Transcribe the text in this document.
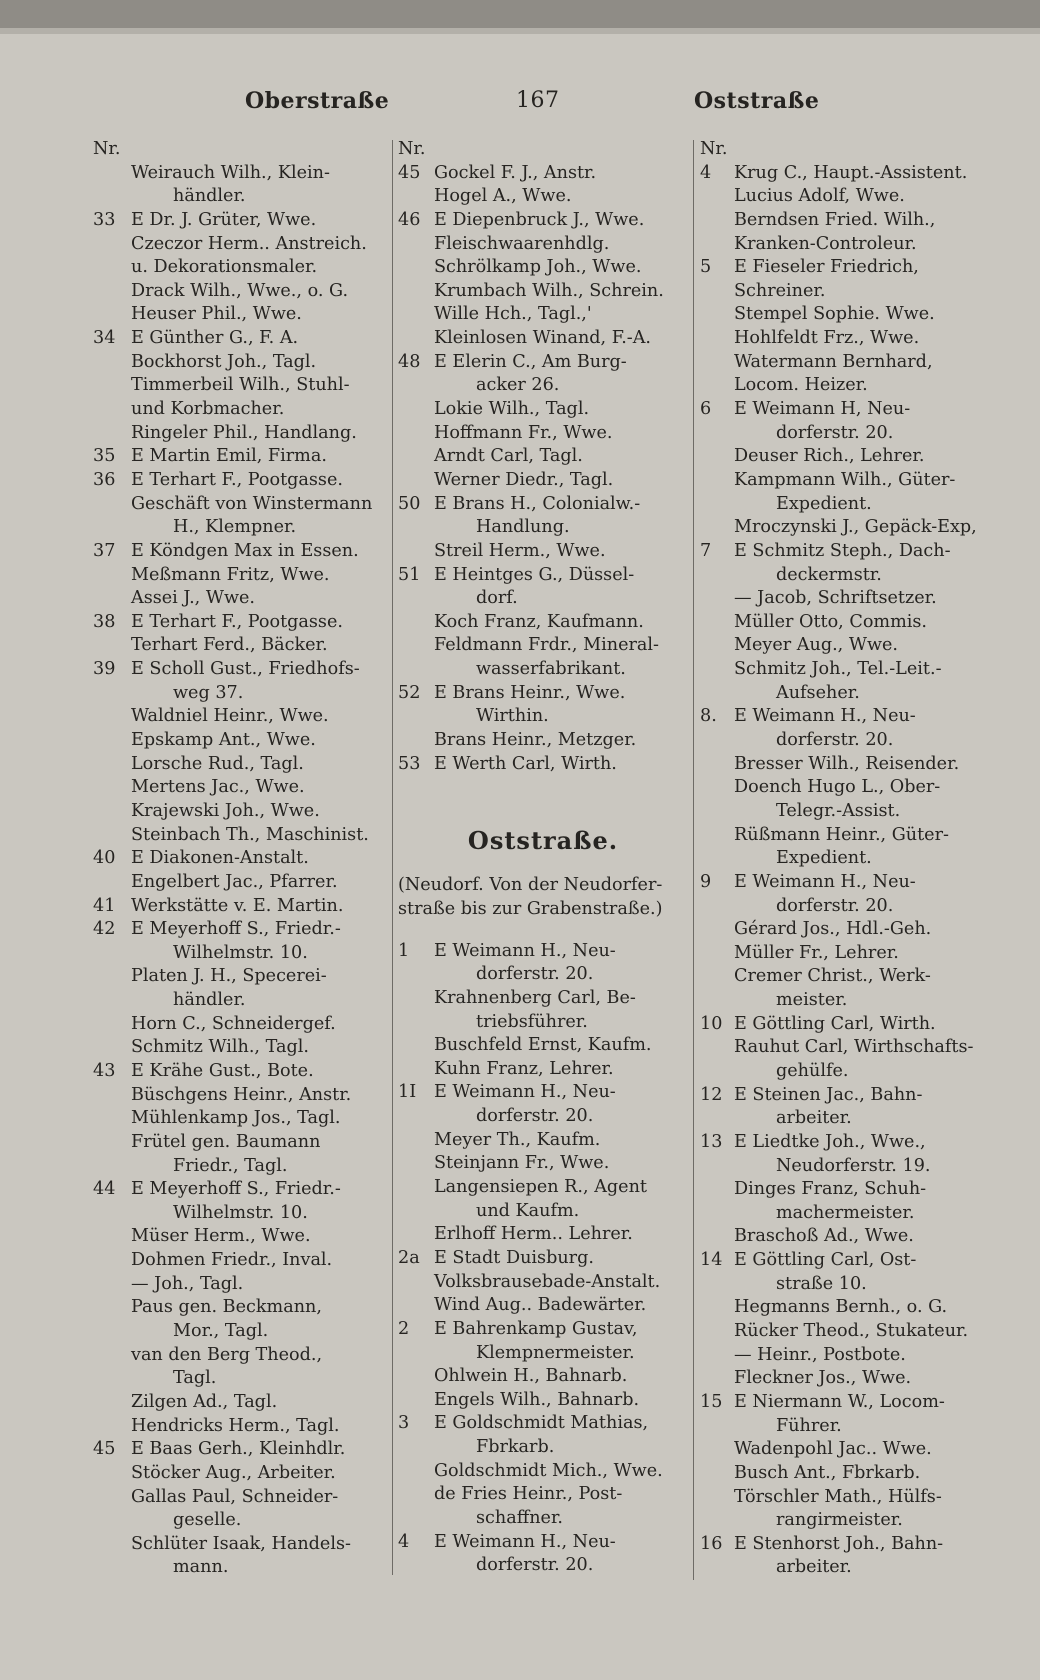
Oberstraße	167	Oststraße
Nr.
Weirauch Wilh., Klein-
händler.
33 E Dr. J. Grüter, Wwe.
Czeczor Herm.. Anstreich.
u. Dekorationsmaler.
Drack Wilh., Wwe., o. G.
Heuser Phil., Wwe.
34 E Günther G., F. A.
Bockhorst Joh., Tagl.
Timmerbeil Wilh., Stuhl-
und Korbmacher.
Ringeler Phil., Handlang.
35 E Martin Emil, Firma.
36 E Terhart F., Pootgasse.
Geschäft von Winstermann
H., Klempner.
37 E Köndgen Max in Essen.
Meßmann Fritz, Wwe.
Assei J., Wwe.
38 E Terhart F., Pootgasse.
Terhart Ferd., Bäcker.
39 E Scholl Gust., Friedhofs-
weg 37.
Waldniel Heinr., Wwe.
Epskamp Ant., Wwe.
Lorsche Rud., Tagl.
Mertens Jac., Wwe.
Krajewski Joh., Wwe.
Steinbach Th., Maschinist.
40 E Diakonen-Anstalt.
Engelbert Jac., Pfarrer.
41 Werkstätte v. E. Martin.
42 E Meyerhoff S., Friedr.-
Wilhelmstr. 10.
Platen J. H., Specerei-
händler.
Horn C., Schneidergef.
Schmitz Wilh., Tagl.
43 E Krähe Gust., Bote.
Büschgens Heinr., Anstr.
Mühlenkamp Jos., Tagl.
Frütel gen. Baumann
Friedr., Tagl.
44 E Meyerhoff S., Friedr.-
Wilhelmstr. 10.
Müser Herm., Wwe.
Dohmen Friedr., Inval.
— Joh., Tagl.
Paus gen. Beckmann,
Mor., Tagl.
van den Berg Theod.,
Tagl.
Zilgen Ad., Tagl.
Hendricks Herm., Tagl.
45 E Baas Gerh., Kleinhdlr.
Stöcker Aug., Arbeiter.
Gallas Paul, Schneider-
geselle.
Schlüter Isaak, Handels-
mann.
Nr.
45 Gockel F. J., Anstr.
Hogel A., Wwe.
46 E Diepenbruck J., Wwe.
Fleischwaarenhdlg.
Schrölkamp Joh., Wwe.
Krumbach Wilh., Schrein.
Wille Hch., Tagl.,'
Kleinlosen Winand, F.-A.
48 E Elerin C., Am Burg-
acker 26.
Lokie Wilh., Tagl.
Hoffmann Fr., Wwe.
Arndt Carl, Tagl.
Werner Diedr., Tagl.
50 E Brans H., Colonialw.-
Handlung.
Streil Herm., Wwe.
51 E Heintges G., Düssel-
dorf.
Koch Franz, Kaufmann.
Feldmann Frdr., Mineral-
wasserfabrikant.
52 E Brans Heinr., Wwe.
Wirthin.
Brans Heinr., Metzger.
53 E Werth Carl, Wirth.
Oststraße.
(Neudorf. Von der Neudorfer-
straße bis zur Grabenstraße.)
1 E Weimann H., Neu-
dorferstr. 20.
Krahnenberg Carl, Be-
triebsführer.
Buschfeld Ernst, Kaufm.
Kuhn Franz, Lehrer.
1I E Weimann H., Neu-
dorferstr. 20.
Meyer Th., Kaufm.
Steinjann Fr., Wwe.
Langensiepen R., Agent
und Kaufm.
Erlhoff Herm.. Lehrer.
2a E Stadt Duisburg.
Volksbrausebade-Anstalt.
Wind Aug.. Badewärter.
2 E Bahrenkamp Gustav,
Klempnermeister.
Ohlwein H., Bahnarb.
Engels Wilh., Bahnarb.
3 E Goldschmidt Mathias,
Fbrkarb.
Goldschmidt Mich., Wwe.
de Fries Heinr., Post-
schaffner.
4 E Weimann H., Neu-
dorferstr. 20.
Nr.
4 Krug C., Haupt.-Assistent.
Lucius Adolf, Wwe.
Berndsen Fried. Wilh.,
Kranken-Controleur.
5 E Fieseler Friedrich,
Schreiner.
Stempel Sophie. Wwe.
Hohlfeldt Frz., Wwe.
Watermann Bernhard,
Locom. Heizer.
6 E Weimann H, Neu-
dorferstr. 20.
Deuser Rich., Lehrer.
Kampmann Wilh., Güter-
Expedient.
Mroczynski J., Gepäck-Exp,
7 E Schmitz Steph., Dach-
deckermstr.
— Jacob, Schriftsetzer.
Müller Otto, Commis.
Meyer Aug., Wwe.
Schmitz Joh., Tel.-Leit.-
Aufseher.
8. E Weimann H., Neu-
dorferstr. 20.
Bresser Wilh., Reisender.
Doench Hugo L., Ober-
Telegr.-Assist.
Rüßmann Heinr., Güter-
Expedient.
9 E Weimann H., Neu-
dorferstr. 20.
Gérard Jos., Hdl.-Geh.
Müller Fr., Lehrer.
Cremer Christ., Werk-
meister.
10 E Göttling Carl, Wirth.
Rauhut Carl, Wirthschafts-
gehülfe.
12 E Steinen Jac., Bahn-
arbeiter.
13 E Liedtke Joh., Wwe.,
Neudorferstr. 19.
Dinges Franz, Schuh-
machermeister.
Braschoß Ad., Wwe.
14 E Göttling Carl, Ost-
straße 10.
Hegmanns Bernh., o. G.
Rücker Theod., Stukateur.
— Heinr., Postbote.
Fleckner Jos., Wwe.
15 E Niermann W., Locom-
Führer.
Wadenpohl Jac.. Wwe.
Busch Ant., Fbrkarb.
Törschler Math., Hülfs-
rangirmeister.
16 E Stenhorst Joh., Bahn-
arbeiter.
